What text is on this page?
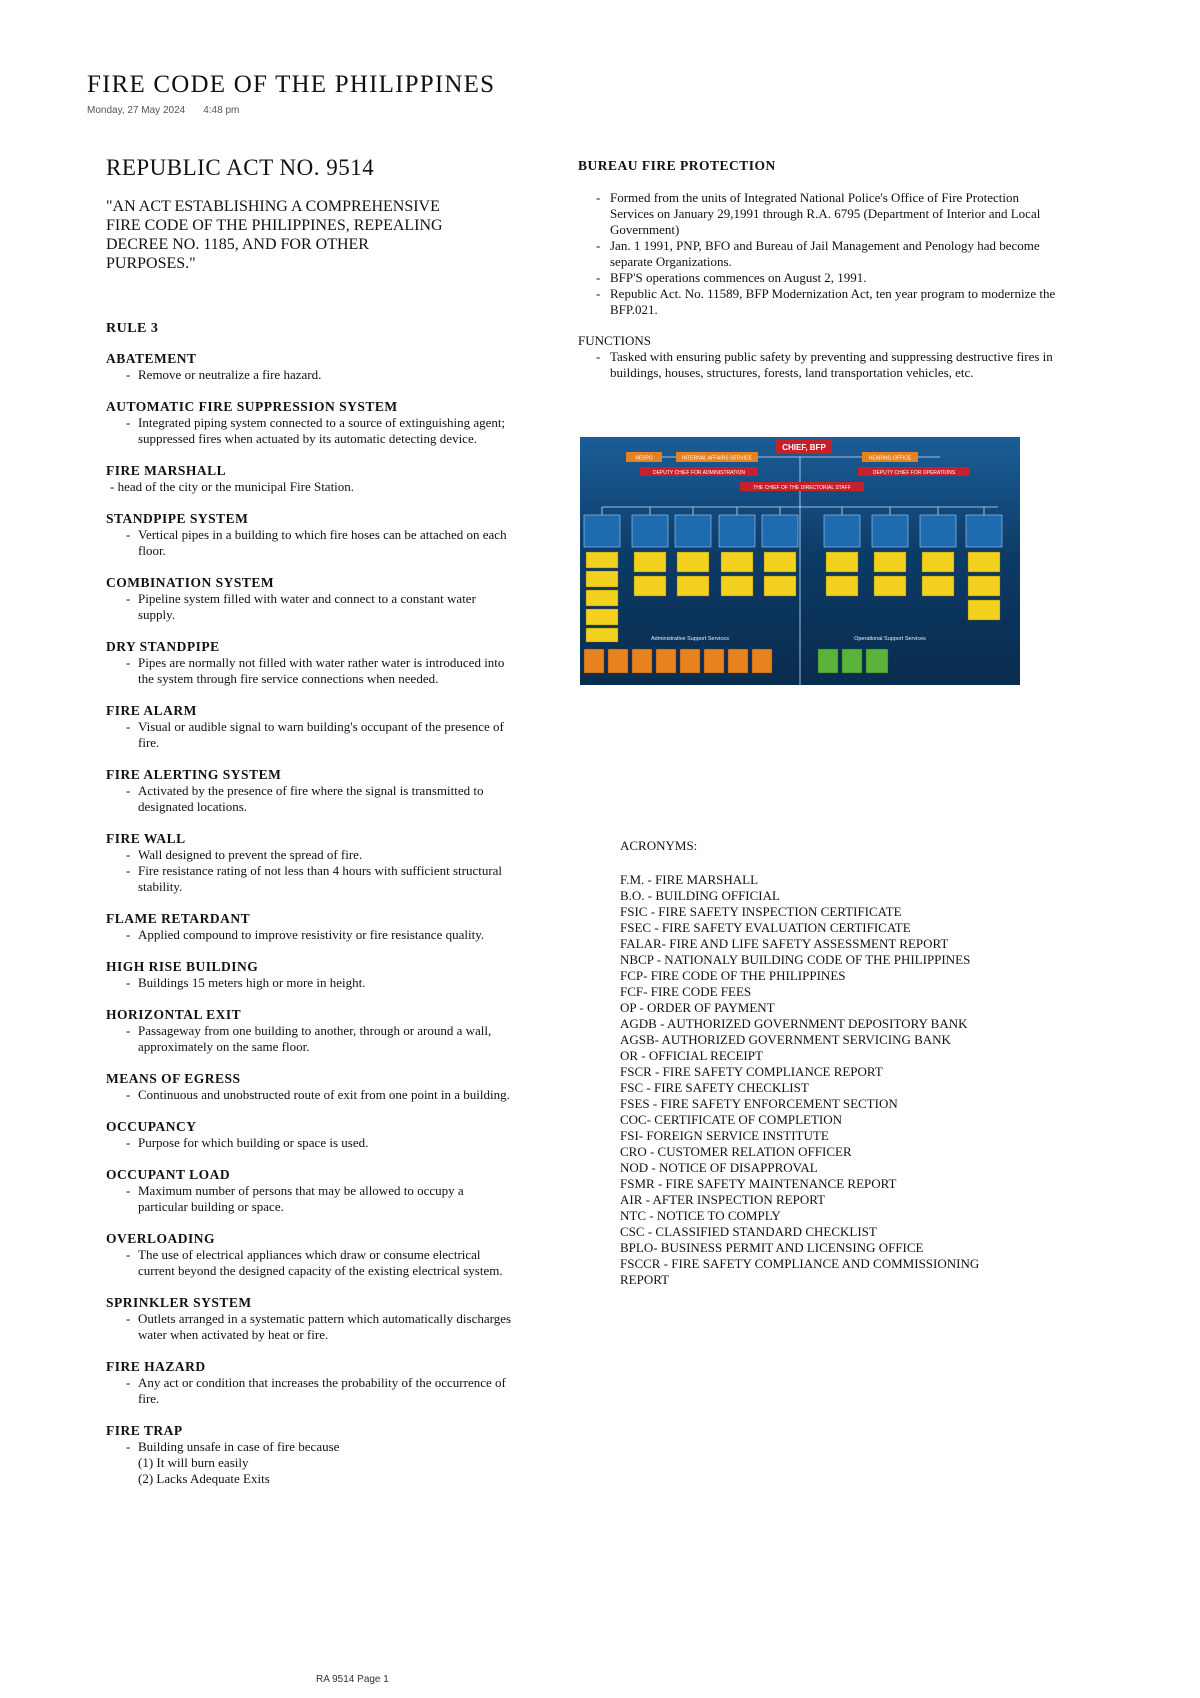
FIRE CODE OF THE PHILIPPINES
Monday, 27 May 2024 4:48 pm
REPUBLIC ACT NO. 9514

"AN ACT ESTABLISHING A COMPREHENSIVE FIRE CODE OF THE PHILIPPINES, REPEALING DECREE NO. 1185, AND FOR OTHER PURPOSES."

RULE 3
ABATEMENT
- Remove or neutralize a fire hazard.
AUTOMATIC FIRE SUPPRESSION SYSTEM
- Integrated piping system connected to a source of extinguishing agent; suppressed fires when actuated by its automatic detecting device.
FIRE MARSHALL
- head of the city or the municipal Fire Station.
STANDPIPE SYSTEM
- Vertical pipes in a building to which fire hoses can be attached on each floor.
COMBINATION SYSTEM
- Pipeline system filled with water and connect to a constant water supply.
DRY STANDPIPE
- Pipes are normally not filled with water rather water is introduced into the system through fire service connections when needed.
FIRE ALARM
- Visual or audible signal to warn building's occupant of the presence of fire.
FIRE ALERTING SYSTEM
- Activated by the presence of fire where the signal is transmitted to designated locations.
FIRE WALL
- Wall designed to prevent the spread of fire.
- Fire resistance rating of not less than 4 hours with sufficient structural stability.
FLAME RETARDANT
- Applied compound to improve resistivity or fire resistance quality.
HIGH RISE BUILDING
- Buildings 15 meters high or more in height.
HORIZONTAL EXIT
- Passageway from one building to another, through or around a wall, approximately on the same floor.
MEANS OF EGRESS
- Continuous and unobstructed route of exit from one point in a building.
OCCUPANCY
- Purpose for which building or space is used.
OCCUPANT LOAD
- Maximum number of persons that may be allowed to occupy a particular building or space.
OVERLOADING
- The use of electrical appliances which draw or consume electrical current beyond the designed capacity of the existing electrical system.
SPRINKLER SYSTEM
- Outlets arranged in a systematic pattern which automatically discharges water when activated by heat or fire.
FIRE HAZARD
- Any act or condition that increases the probability of the occurrence of fire.
FIRE TRAP
- Building unsafe in case of fire because
(1) It will burn easily
(2) Lacks Adequate Exits
BUREAU FIRE PROTECTION
- Formed from the units of Integrated National Police's Office of Fire Protection Services on January 29,1991 through R.A. 6795 (Department of Interior and Local Government)
- Jan. 1 1991, PNP, BFO and Bureau of Jail Management and Penology had become separate Organizations.
- BFP'S operations commences on August 2, 1991.
- Republic Act. No. 11589, BFP Modernization Act, ten year program to modernize the BFP.021.
FUNCTIONS
- Tasked with ensuring public safety by preventing and suppressing destructive fires in buildings, houses, structures, forests, land transportation vehicles, etc.
CHIEF, BFP
NESPO	INTERNAL AFFAIRS SERVICE	HEARING OFFICE
DEPUTY CHIEF FOR ADMINISTRATION	DEPUTY CHIEF FOR OPERATIONS
THE CHIEF OF THE DIRECTORIAL STAFF
Administrative Support Services	Operational Support Services
ACRONYMS:
F.M. - FIRE MARSHALL
B.O. - BUILDING OFFICIAL
FSIC - FIRE SAFETY INSPECTION CERTIFICATE
FSEC - FIRE SAFETY EVALUATION CERTIFICATE
FALAR- FIRE AND LIFE SAFETY ASSESSMENT REPORT
NBCP - NATIONALY BUILDING CODE OF THE PHILIPPINES
FCP- FIRE CODE OF THE PHILIPPINES
FCF- FIRE CODE FEES
OP - ORDER OF PAYMENT
AGDB - AUTHORIZED GOVERNMENT DEPOSITORY BANK
AGSB- AUTHORIZED GOVERNMENT SERVICING BANK
OR - OFFICIAL RECEIPT
FSCR - FIRE SAFETY COMPLIANCE REPORT
FSC - FIRE SAFETY CHECKLIST
FSES - FIRE SAFETY ENFORCEMENT SECTION
COC- CERTIFICATE OF COMPLETION
FSI- FOREIGN SERVICE INSTITUTE
CRO - CUSTOMER RELATION OFFICER
NOD - NOTICE OF DISAPPROVAL
FSMR - FIRE SAFETY MAINTENANCE REPORT
AIR - AFTER INSPECTION REPORT
NTC - NOTICE TO COMPLY
CSC - CLASSIFIED STANDARD CHECKLIST
BPLO- BUSINESS PERMIT AND LICENSING OFFICE
FSCCR - FIRE SAFETY COMPLIANCE AND COMMISSIONING REPORT
RA 9514 Page 1
